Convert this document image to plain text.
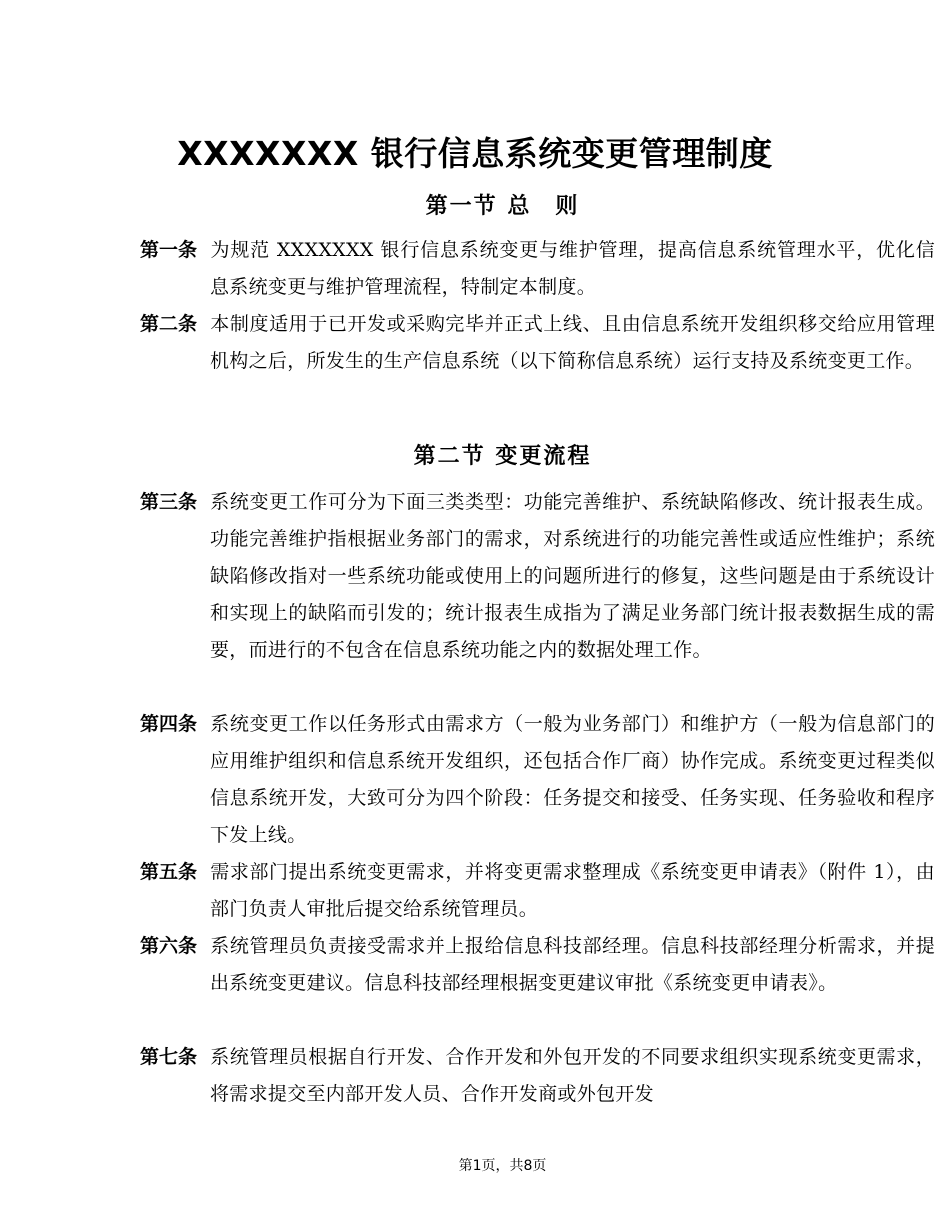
XXXXXXX 银行信息系统变更管理制度
第一节 总　则
第一条 为规范 XXXXXXX 银行信息系统变更与维护管理，提高信息系统管理水平，优化信息系统变更与维护管理流程，特制定本制度。
第二条 本制度适用于已开发或采购完毕并正式上线、且由信息系统开发组织移交给应用管理机构之后，所发生的生产信息系统（以下简称信息系统）运行支持及系统变更工作。
第二节 变更流程
第三条 系统变更工作可分为下面三类类型：功能完善维护、系统缺陷修改、统计报表生成。功能完善维护指根据业务部门的需求，对系统进行的功能完善性或适应性维护；系统缺陷修改指对一些系统功能或使用上的问题所进行的修复，这些问题是由于系统设计和实现上的缺陷而引发的；统计报表生成指为了满足业务部门统计报表数据生成的需要，而进行的不包含在信息系统功能之内的数据处理工作。
第四条 系统变更工作以任务形式由需求方（一般为业务部门）和维护方（一般为信息部门的应用维护组织和信息系统开发组织，还包括合作厂商）协作完成。系统变更过程类似信息系统开发，大致可分为四个阶段：任务提交和接受、任务实现、任务验收和程序下发上线。
第五条 需求部门提出系统变更需求，并将变更需求整理成《系统变更申请表》（附件 1），由部门负责人审批后提交给系统管理员。
第六条 系统管理员负责接受需求并上报给信息科技部经理。信息科技部经理分析需求，并提出系统变更建议。信息科技部经理根据变更建议审批《系统变更申请表》。
第七条 系统管理员根据自行开发、合作开发和外包开发的不同要求组织实现系统变更需求，将需求提交至内部开发人员、合作开发商或外包开发
第1页，共8页
